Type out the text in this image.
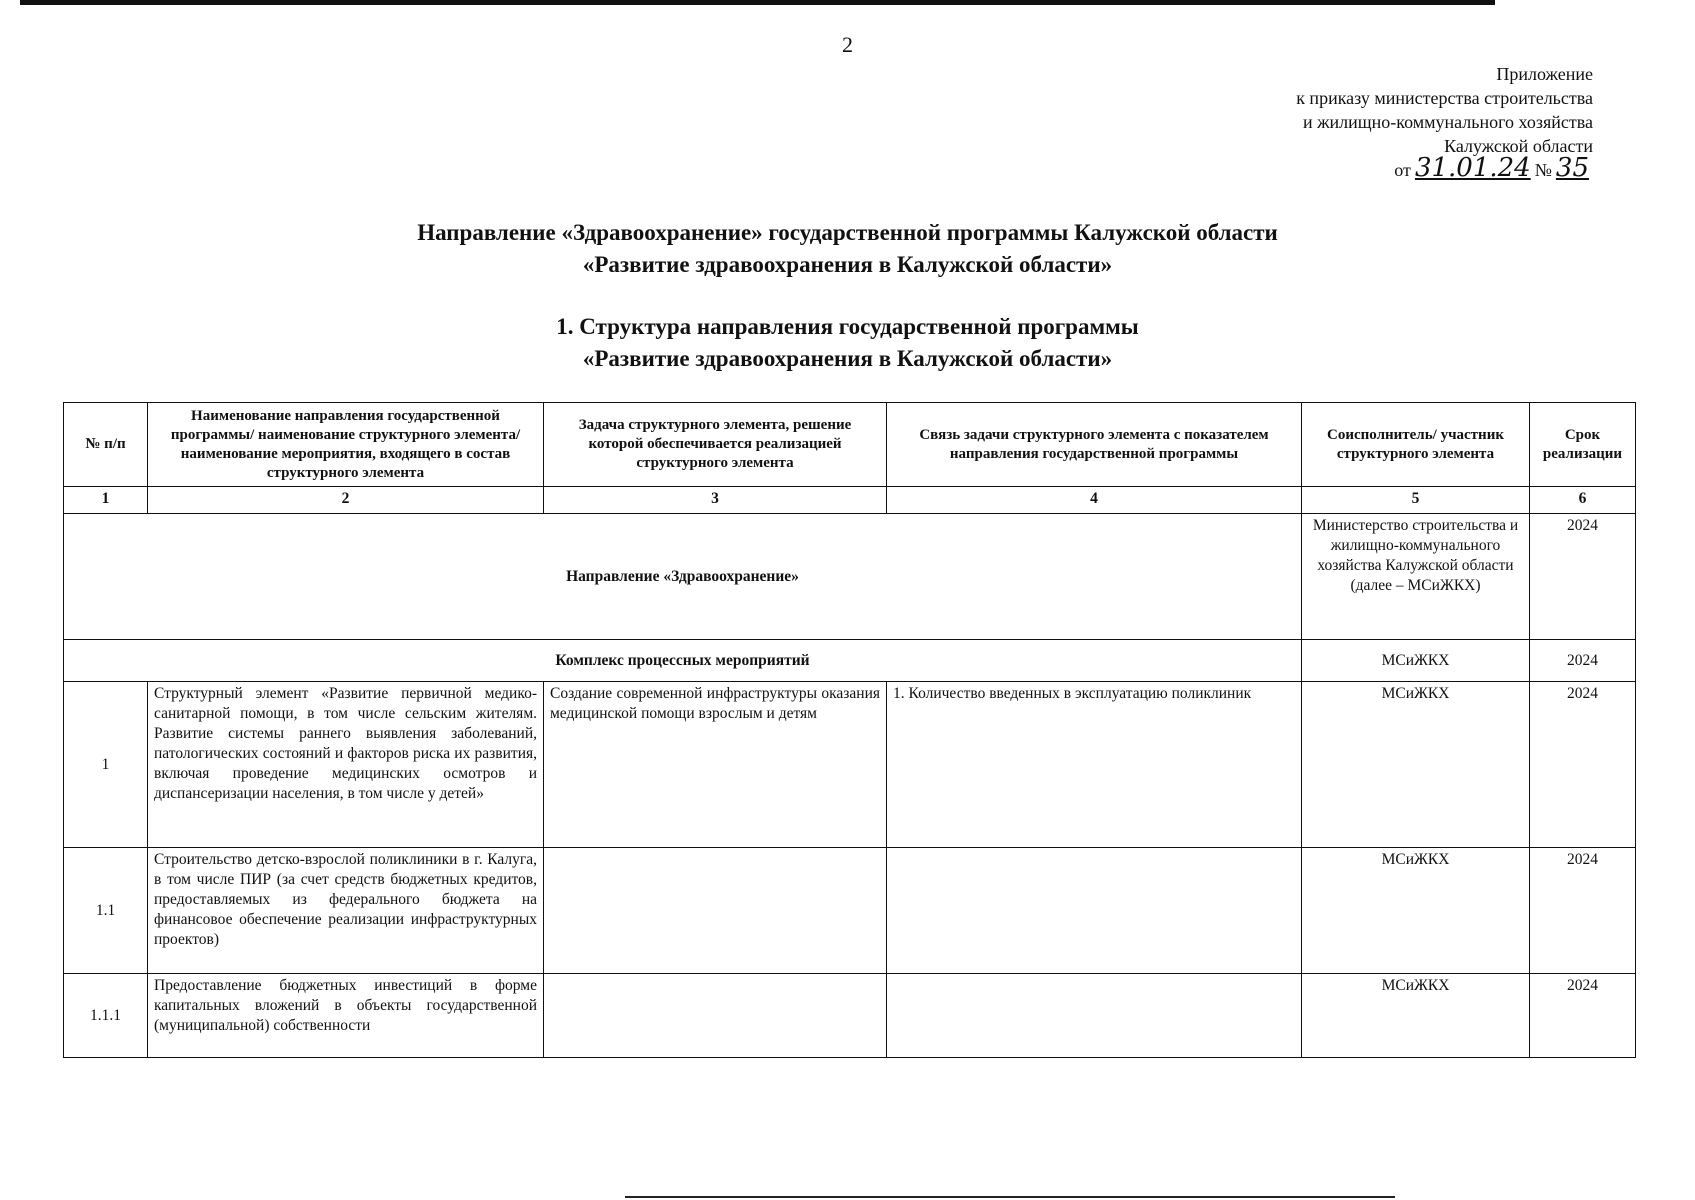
2
Приложение
к приказу министерства строительства
и жилищно-коммунального хозяйства
Калужской области
от 31.01.24 № 35
Направление «Здравоохранение» государственной программы Калужской области
«Развитие здравоохранения в Калужской области»
1. Структура направления государственной программы
«Развитие здравоохранения в Калужской области»
№ п/п	Наименование направления государственной программы/ наименование структурного элемента/наименование мероприятия, входящего в состав структурного элемента	Задача структурного элемента, решение которой обеспечивается реализацией структурного элемента	Связь задачи структурного элемента с показателем направления государственной программы	Соисполнитель/ участник структурного элемента	Срок реализации
1	2	3	4	5	6
Направление «Здравоохранение»				Министерство строительства и жилищно-коммунального хозяйства Калужской области (далее – МСиЖКХ)	2024
Комплекс процессных мероприятий				МСиЖКХ	2024
1	Структурный элемент «Развитие первичной медико-санитарной помощи, в том числе сельским жителям. Развитие системы раннего выявления заболеваний, патологических состояний и факторов риска их развития, включая проведение медицинских осмотров и диспансеризации населения, в том числе у детей»	Создание современной инфраструктуры оказания медицинской помощи взрослым и детям	1. Количество введенных в эксплуатацию поликлиник	МСиЖКХ	2024
1.1	Строительство детско-взрослой поликлиники в г. Калуга, в том числе ПИР (за счет средств бюджетных кредитов, предоставляемых из федерального бюджета на финансовое обеспечение реализации инфраструктурных проектов)			МСиЖКХ	2024
1.1.1	Предоставление бюджетных инвестиций в форме капитальных вложений в объекты государственной (муниципальной) собственности			МСиЖКХ	2024
